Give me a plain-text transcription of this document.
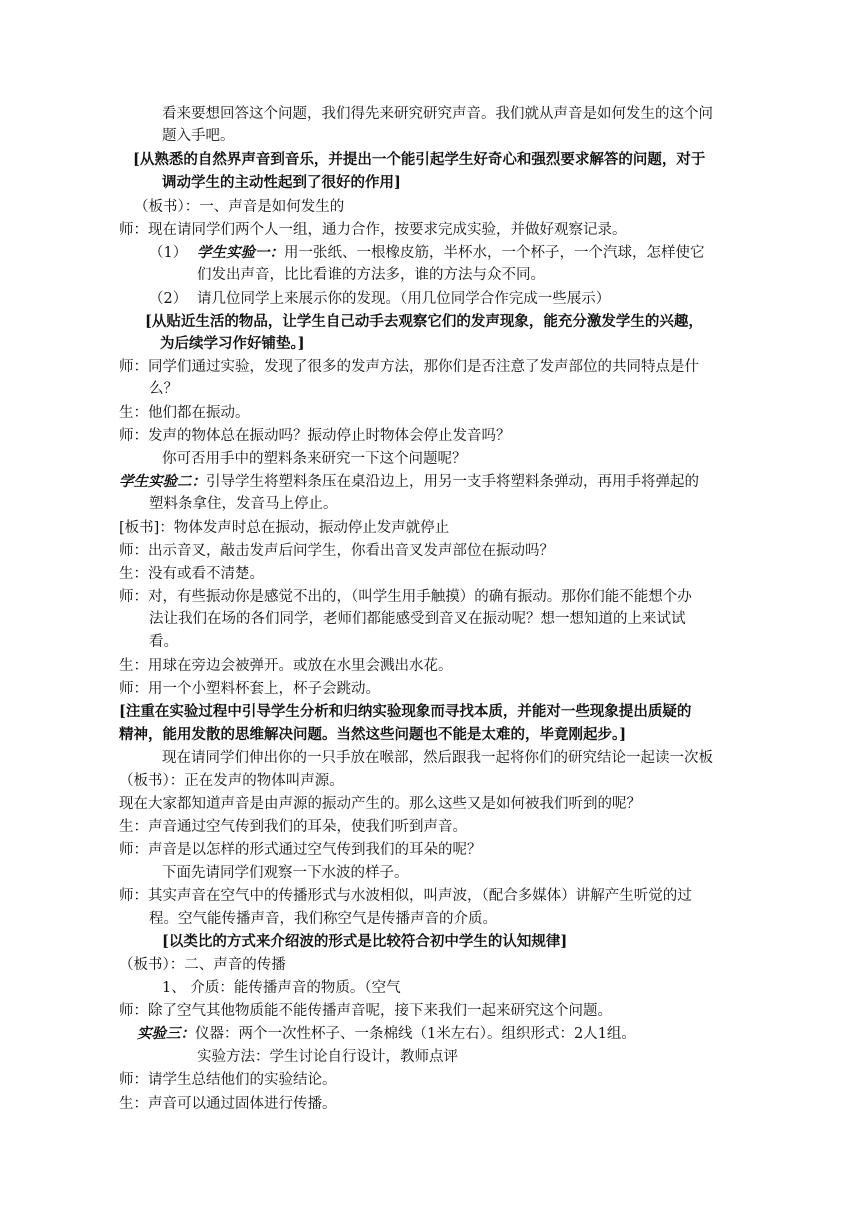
看来要想回答这个问题，我们得先来研究研究声音。我们就从声音是如何发生的这个问
题入手吧。
[从熟悉的自然界声音到音乐，并提出一个能引起学生好奇心和强烈要求解答的问题，对于
调动学生的主动性起到了很好的作用]
（板书）：一、声音是如何发生的
师：现在请同学们两个人一组，通力合作，按要求完成实验，并做好观察记录。
（1） 学生实验一：用一张纸、一根橡皮筋，半杯水，一个杯子，一个汽球，怎样使它
们发出声音，比比看谁的方法多，谁的方法与众不同。
（2） 请几位同学上来展示你的发现。（用几位同学合作完成一些展示）
[从贴近生活的物品，让学生自己动手去观察它们的发声现象，能充分激发学生的兴趣，
为后续学习作好铺垫。]
师：同学们通过实验，发现了很多的发声方法，那你们是否注意了发声部位的共同特点是什
么？
生：他们都在振动。
师：发声的物体总在振动吗？振动停止时物体会停止发音吗？
你可否用手中的塑料条来研究一下这个问题呢？
学生实验二：引导学生将塑料条压在桌沿边上，用另一支手将塑料条弹动，再用手将弹起的
塑料条拿住，发音马上停止。
[板书]：物体发声时总在振动，振动停止发声就停止
师：出示音叉，敲击发声后问学生，你看出音叉发声部位在振动吗？
生：没有或看不清楚。
师：对，有些振动你是感觉不出的，（叫学生用手触摸）的确有振动。那你们能不能想个办
法让我们在场的各们同学，老师们都能感受到音叉在振动呢？想一想知道的上来试试
看。
生：用球在旁边会被弹开。或放在水里会溅出水花。
师：用一个小塑料杯套上，杯子会跳动。
[注重在实验过程中引导学生分析和归纳实验现象而寻找本质，并能对一些现象提出质疑的
精神，能用发散的思维解决问题。当然这些问题也不能是太难的，毕竟刚起步。]
现在请同学们伸出你的一只手放在喉部，然后跟我一起将你们的研究结论一起读一次板
（板书）：正在发声的物体叫声源。
现在大家都知道声音是由声源的振动产生的。那么这些又是如何被我们听到的呢？
生：声音通过空气传到我们的耳朵，使我们听到声音。
师：声音是以怎样的形式通过空气传到我们的耳朵的呢？
下面先请同学们观察一下水波的样子。
师：其实声音在空气中的传播形式与水波相似，叫声波，（配合多媒体）讲解产生听觉的过
程。空气能传播声音，我们称空气是传播声音的介质。
[以类比的方式来介绍波的形式是比较符合初中学生的认知规律]
（板书）：二、声音的传播
1、 介质：能传播声音的物质。（空气
师：除了空气其他物质能不能传播声音呢，接下来我们一起来研究这个问题。
实验三：仪器：两个一次性杯子、一条棉线（1米左右）。组织形式：2人1组。
实验方法：学生讨论自行设计，教师点评
师：请学生总结他们的实验结论。
生：声音可以通过固体进行传播。
